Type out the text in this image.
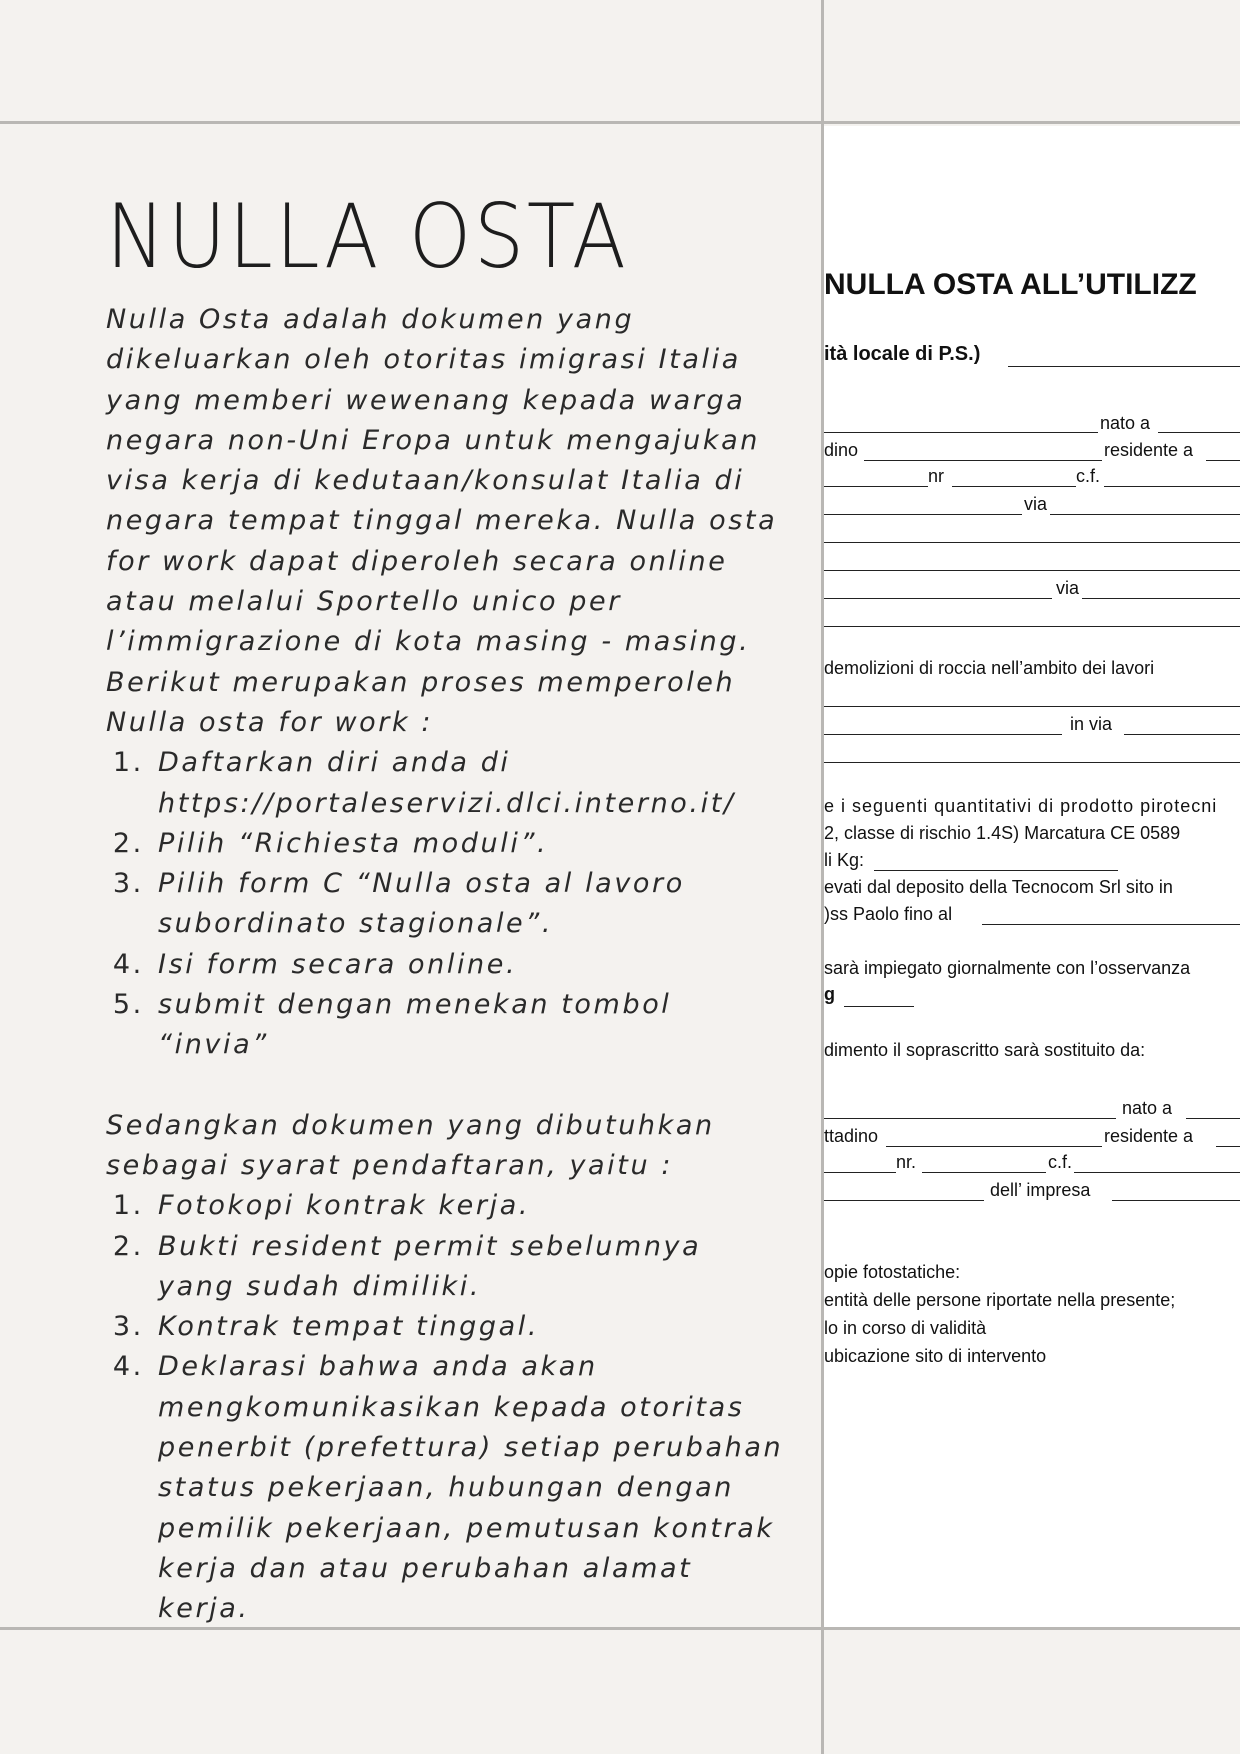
NULLA OSTA

Nulla Osta adalah dokumen yang dikeluarkan oleh otoritas imigrasi Italia yang memberi wewenang kepada warga negara non-Uni Eropa untuk mengajukan visa kerja di kedutaan/konsulat Italia di negara tempat tinggal mereka. Nulla osta for work dapat diperoleh secara online atau melalui Sportello unico per l’immigrazione di kota masing - masing. Berikut merupakan proses memperoleh Nulla osta for work :

1. Daftarkan diri anda di https://portaleservizi.dlci.interno.it/
2. Pilih “Richiesta moduli”.
3. Pilih form C “Nulla osta al lavoro subordinato stagionale”.
4. Isi form secara online.
5. submit dengan menekan tombol “invia”

Sedangkan dokumen yang dibutuhkan sebagai syarat pendaftaran, yaitu :

1. Fotokopi kontrak kerja.
2. Bukti resident permit sebelumnya yang sudah dimiliki.
3. Kontrak tempat tinggal.
4. Deklarasi bahwa anda akan mengkomunikasikan kepada otoritas penerbit (prefettura) setiap perubahan status pekerjaan, hubungan dengan pemilik pekerjaan, pemutusan kontrak kerja dan atau perubahan alamat kerja.
NULLA OSTA ALL’UTILIZZ
ità locale di P.S.)
nato a
dino	residente a
nr	c.f.
via
via
demolizioni di roccia nell’ambito dei lavori
in via
e i seguenti quantitativi di prodotto pirotecni
2, classe di rischio 1.4S) Marcatura CE 0589
li Kg:
evati dal deposito della Tecnocom Srl sito in
)ss Paolo fino al
sarà impiegato giornalmente con l’osservanza
g
dimento il soprascritto sarà sostituito da:
nato a
ttadino	residente a
nr.	c.f.
dell’ impresa
opie fotostatiche:
entità delle persone riportate nella presente;
lo in corso di validità
ubicazione sito di intervento
